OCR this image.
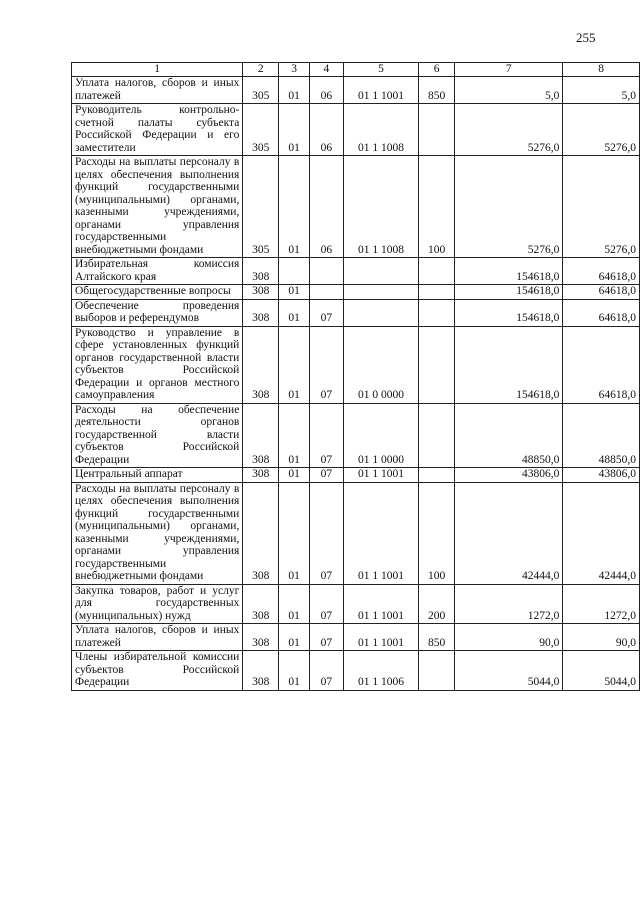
255
1	2	3	4	5	6	7	8
Уплата налогов, сборов и иных платежей	305	01	06	01 1 1001	850	5,0	5,0
Руководитель контрольно-счетной палаты субъекта Российской Федерации и его заместители	305	01	06	01 1 1008		5276,0	5276,0
Расходы на выплаты персоналу в целях обеспечения выполнения функций государственными (муниципальными) органами, казенными учреждениями, органами управления государственными внебюджетными фондами	305	01	06	01 1 1008	100	5276,0	5276,0
Избирательная комиссия Алтайского края	308					154618,0	64618,0
Общегосударственные вопросы	308	01				154618,0	64618,0
Обеспечение проведения выборов и референдумов	308	01	07			154618,0	64618,0
Руководство и управление в сфере установленных функций органов государственной власти субъектов Российской Федерации и органов местного самоуправления	308	01	07	01 0 0000		154618,0	64618,0
Расходы на обеспечение деятельности органов государственной власти субъектов Российской Федерации	308	01	07	01 1 0000		48850,0	48850,0
Центральный аппарат	308	01	07	01 1 1001		43806,0	43806,0
Расходы на выплаты персоналу в целях обеспечения выполнения функций государственными (муниципальными) органами, казенными учреждениями, органами управления государственными внебюджетными фондами	308	01	07	01 1 1001	100	42444,0	42444,0
Закупка товаров, работ и услуг для государственных (муниципальных) нужд	308	01	07	01 1 1001	200	1272,0	1272,0
Уплата налогов, сборов и иных платежей	308	01	07	01 1 1001	850	90,0	90,0
Члены избирательной комиссии субъектов Российской Федерации	308	01	07	01 1 1006		5044,0	5044,0
